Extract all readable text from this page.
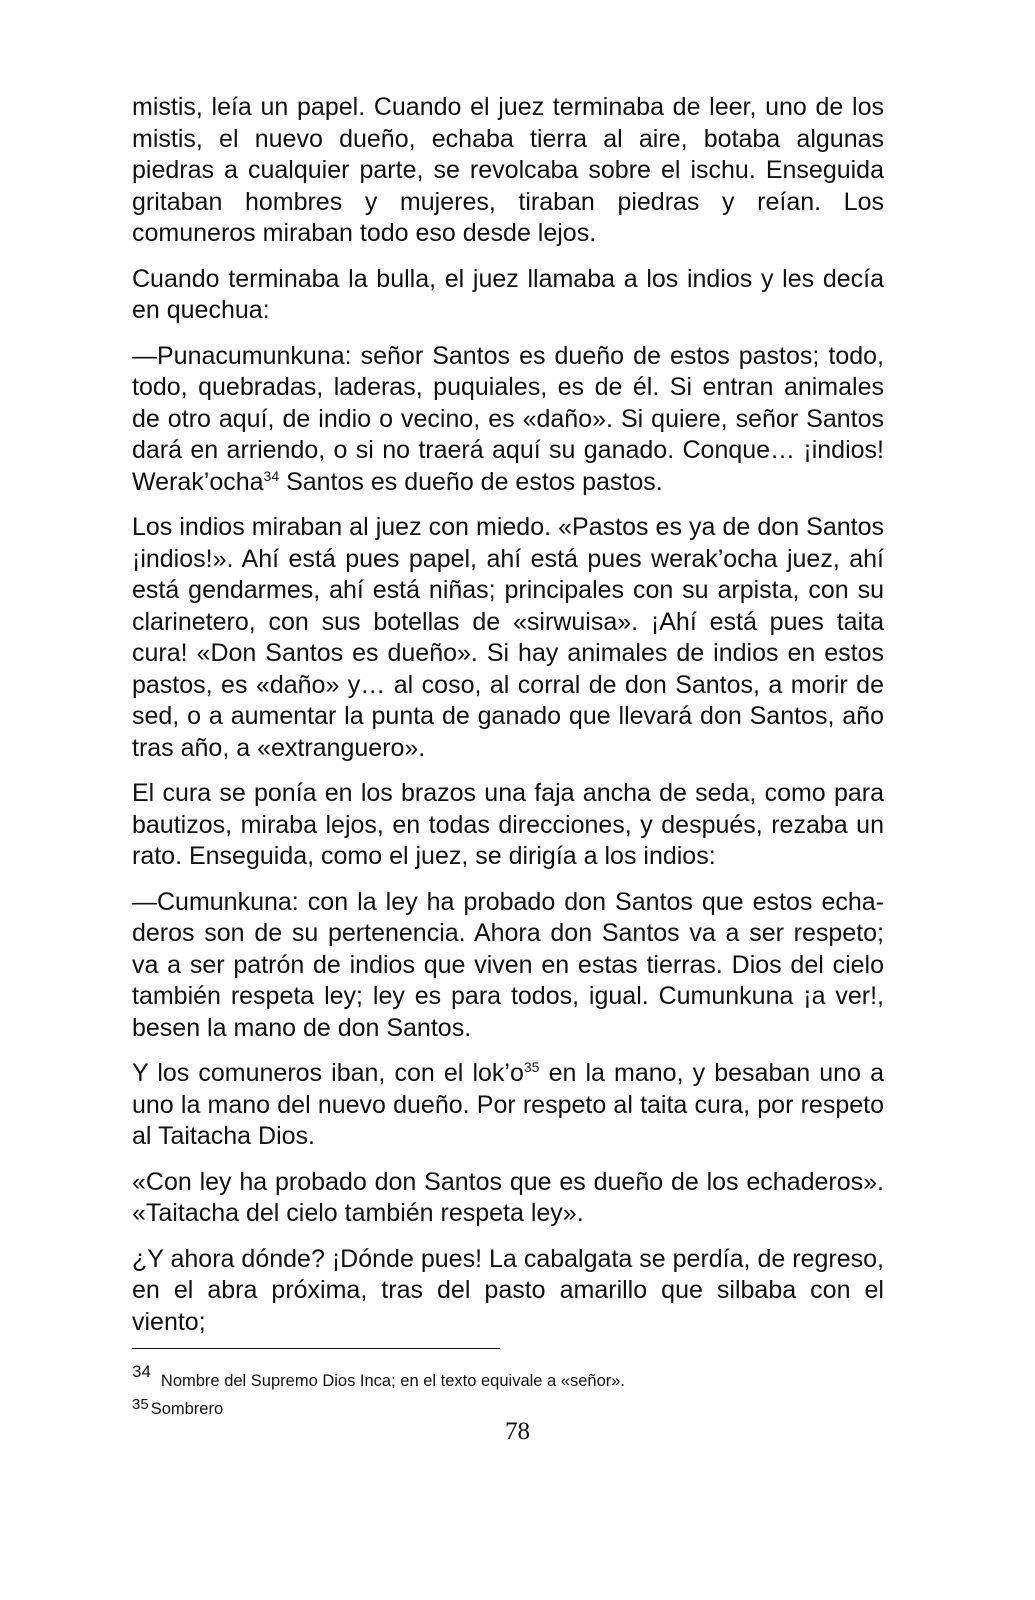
mistis, leía un papel. Cuando el juez terminaba de leer, uno de los mistis, el nuevo dueño, echaba tierra al aire, botaba algunas piedras a cualquier parte, se revolcaba sobre el ischu. Enseguida gritaban hombres y mujeres, tiraban piedras y reían. Los comuneros miraban todo eso desde lejos.

Cuando terminaba la bulla, el juez llamaba a los indios y les decía en quechua:

—Punacumunkuna: señor Santos es dueño de estos pastos; todo, todo, quebradas, laderas, puquiales, es de él. Si entran animales de otro aquí, de indio o vecino, es «daño». Si quiere, señor Santos dará en arriendo, o si no traerá aquí su ganado. Conque… ¡indios! Werak’ocha$^{34}$ Santos es dueño de estos pastos.

Los indios miraban al juez con miedo. «Pastos es ya de don Santos ¡indios!». Ahí está pues papel, ahí está pues werak’ocha juez, ahí está gendarmes, ahí está niñas; principales con su arpista, con su clarinetero, con sus botellas de «sirwuisa». ¡Ahí está pues taita cura! «Don Santos es dueño». Si hay animales de indios en estos pastos, es «daño» y… al coso, al corral de don Santos, a morir de sed, o a aumentar la punta de ganado que llevará don Santos, año tras año, a «extranguero».

El cura se ponía en los brazos una faja ancha de seda, como para bautizos, miraba lejos, en todas direcciones, y después, rezaba un rato. Enseguida, como el juez, se dirigía a los indios:

—Cumunkuna: con la ley ha probado don Santos que estos echaderos son de su pertenencia. Ahora don Santos va a ser respeto; va a ser patrón de indios que viven en estas tierras. Dios del cielo también respeta ley; ley es para todos, igual. Cumunkuna ¡a ver!, besen la mano de don Santos.

Y los comuneros iban, con el lok’o$^{35}$ en la mano, y besaban uno a uno la mano del nuevo dueño. Por respeto al taita cura, por respeto al Taitacha Dios.

«Con ley ha probado don Santos que es dueño de los echaderos». «Taitacha del cielo también respeta ley».

¿Y ahora dónde? ¡Dónde pues! La cabalgata se perdía, de regreso, en el abra próxima, tras del pasto amarillo que silbaba con el viento;

34 Nombre del Supremo Dios Inca; en el texto equivale a «señor».

35 Sombrero

78
